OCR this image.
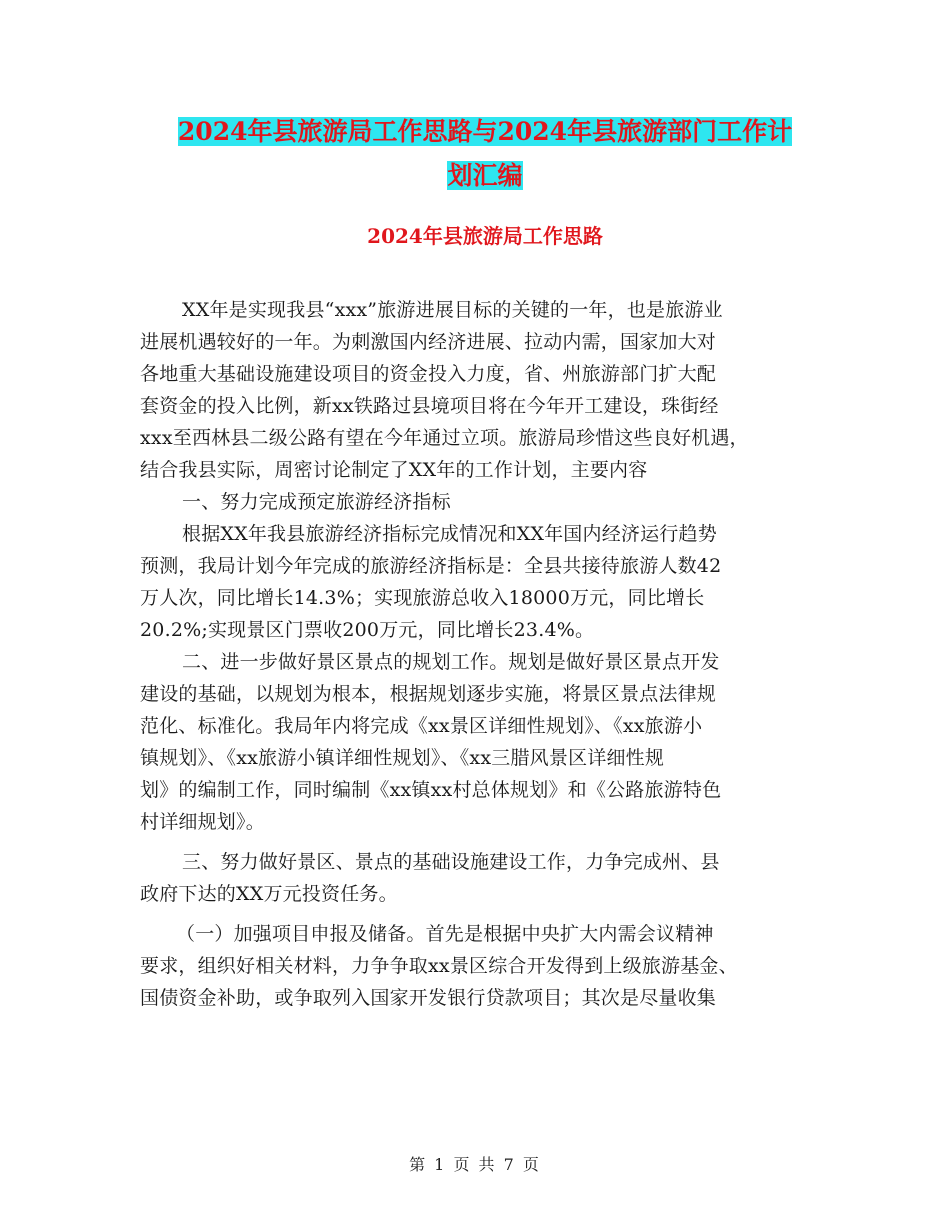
2024年县旅游局工作思路与2024年县旅游部门工作计
划汇编
2024年县旅游局工作思路
XX年是实现我县“xxx”旅游进展目标的关键的一年，也是旅游业
进展机遇较好的一年。为刺激国内经济进展、拉动内需，国家加大对
各地重大基础设施建设项目的资金投入力度，省、州旅游部门扩大配
套资金的投入比例，新xx铁路过县境项目将在今年开工建设，珠街经
xxx至西林县二级公路有望在今年通过立项。旅游局珍惜这些良好机遇，
结合我县实际，周密讨论制定了XX年的工作计划，主要内容
一、努力完成预定旅游经济指标
根据XX年我县旅游经济指标完成情况和XX年国内经济运行趋势
预测，我局计划今年完成的旅游经济指标是：全县共接待旅游人数42
万人次，同比增长14.3%；实现旅游总收入18000万元，同比增长
20.2%;实现景区门票收200万元，同比增长23.4%。
二、进一步做好景区景点的规划工作。规划是做好景区景点开发
建设的基础，以规划为根本，根据规划逐步实施，将景区景点法律规
范化、标准化。我局年内将完成《xx景区详细性规划》、《xx旅游小
镇规划》、《xx旅游小镇详细性规划》、《xx三腊风景区详细性规
划》的编制工作，同时编制《xx镇xx村总体规划》和《公路旅游特色
村详细规划》。
三、努力做好景区、景点的基础设施建设工作，力争完成州、县
政府下达的XX万元投资任务。
（一）加强项目申报及储备。首先是根据中央扩大内需会议精神
要求，组织好相关材料，力争争取xx景区综合开发得到上级旅游基金、
国债资金补助，或争取列入国家开发银行贷款项目；其次是尽量收集
第 1 页 共 7 页
